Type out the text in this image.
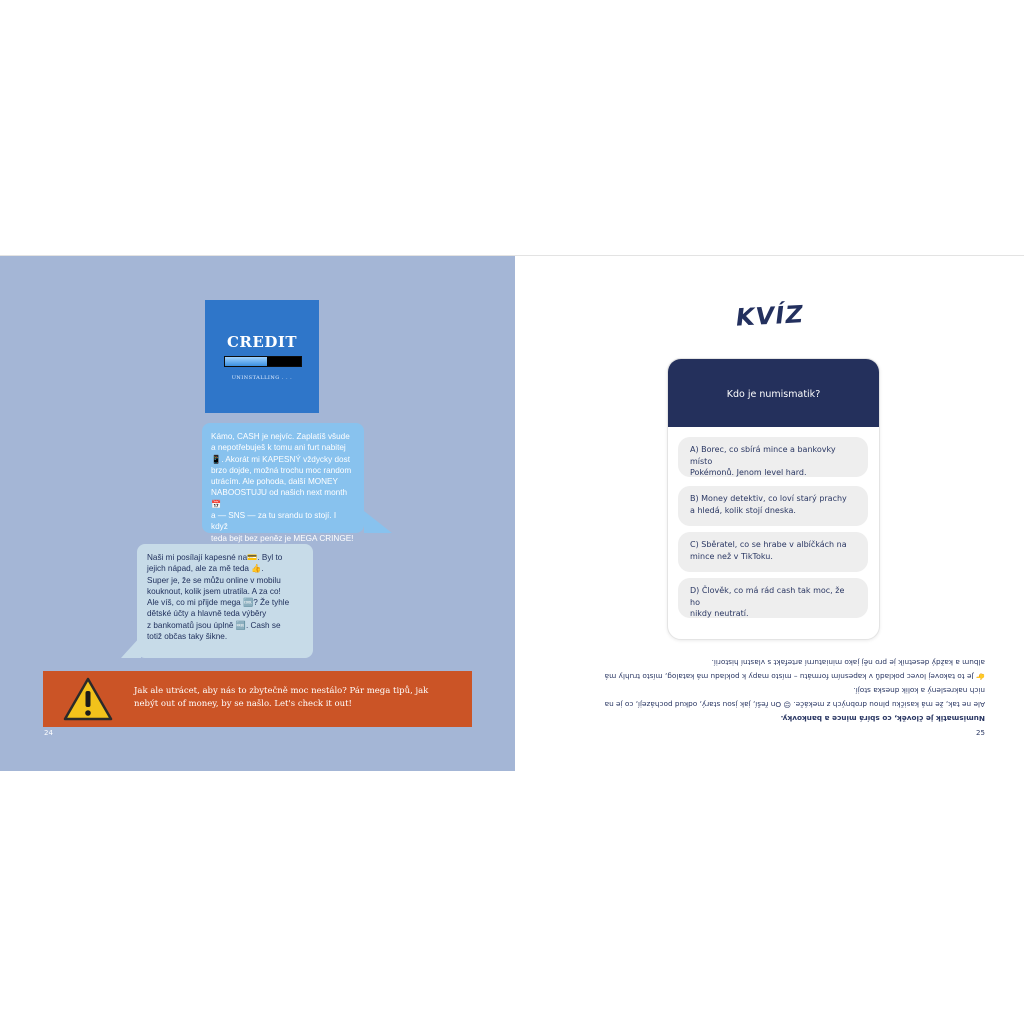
CREDIT
UNINSTALLING . . .
Kámo, CASH je nejvíc. Zaplatíš všude
a nepotřebuješ k tomu ani furt nabitej
📱. Akorát mi KAPESNÝ vždycky dost
brzo dojde, možná trochu moc random
utrácím. Ale pohoda, další MONEY
NABOOSTUJU od našich next month📅
a — SNS — za tu srandu to stojí. I když
teda bejt bez peněz je MEGA CRINGE!
Naši mi posílají kapesné na💳. Byl to
jejich nápad, ale za mě teda 👍.
Super je, že se můžu online v mobilu
kouknout, kolik jsem utratila. A za co!
Ale víš, co mi přijde mega 🆒? Že tyhle
dětské účty a hlavně teda výběry
z bankomatů jsou úplně 🆓. Cash se
totiž občas taky šikne.
Jak ale utrácet, aby nás to zbytečně moc nestálo? Pár mega tipů, jak
nebýt out of money, by se našlo. Let's check it out!
24
KVÍZ
Kdo je numismatik?
A) Borec, co sbírá mince a bankovky místo
Pokémonů. Jenom level hard.
B) Money detektiv, co loví starý prachy
a hledá, kolik stojí dneska.
C) Sběratel, co se hrabe v albíčkách na
mince než v TikToku.
D) Člověk, co má rád cash tak moc, že ho
nikdy neutratí.

Numismatik je člověk, co sbírá mince a bankovky.

Ale ne tak, že má kasičku plnou drobných z mekáče. 😔 On řeší, jak jsou starý, odkud pocházejí, co je na

nich nakreslený a kolik dneska stojí.

👉 Je to takovej lovec pokladů v kapesním formátu – místo mapy k pokladu má katalog, místo truhly má

album a každý desetník je pro něj jako miniaturní artefakt s vlastní historií.

25
